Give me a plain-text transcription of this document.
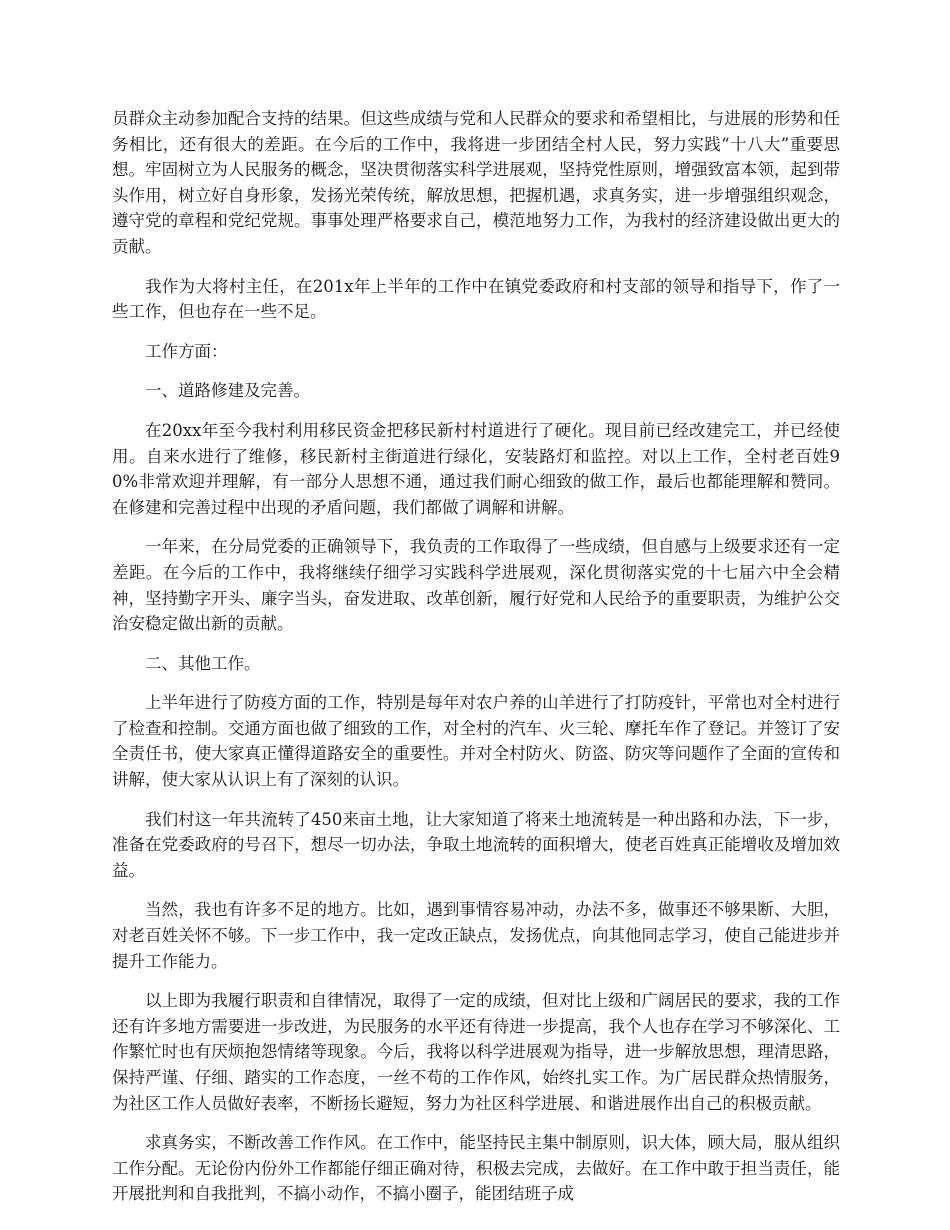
员群众主动参加配合支持的结果。但这些成绩与党和人民群众的要求和希望相比，与进展的形势和任务相比，还有很大的差距。在今后的工作中，我将进一步团结全村人民，努力实践“十八大”重要思想。牢固树立为人民服务的概念，坚决贯彻落实科学进展观，坚持党性原则，增强致富本领，起到带头作用，树立好自身形象，发扬光荣传统，解放思想，把握机遇，求真务实，进一步增强组织观念，遵守党的章程和党纪党规。事事处理严格要求自己，模范地努力工作，为我村的经济建设做出更大的贡献。

我作为大将村主任，在201x年上半年的工作中在镇党委政府和村支部的领导和指导下，作了一些工作，但也存在一些不足。

工作方面：

一、道路修建及完善。

在20xx年至今我村利用移民资金把移民新村村道进行了硬化。现目前已经改建完工，并已经使用。自来水进行了维修，移民新村主街道进行绿化，安装路灯和监控。对以上工作，全村老百姓90%非常欢迎并理解，有一部分人思想不通，通过我们耐心细致的做工作，最后也都能理解和赞同。在修建和完善过程中出现的矛盾问题，我们都做了调解和讲解。

一年来，在分局党委的正确领导下，我负责的工作取得了一些成绩，但自感与上级要求还有一定差距。在今后的工作中，我将继续仔细学习实践科学进展观，深化贯彻落实党的十七届六中全会精神，坚持勤字开头、廉字当头，奋发进取、改革创新，履行好党和人民给予的重要职责，为维护公交治安稳定做出新的贡献。

二、其他工作。

上半年进行了防疫方面的工作，特别是每年对农户养的山羊进行了打防疫针，平常也对全村进行了检查和控制。交通方面也做了细致的工作，对全村的汽车、火三轮、摩托车作了登记。并签订了安全责任书，使大家真正懂得道路安全的重要性。并对全村防火、防盗、防灾等问题作了全面的宣传和讲解，使大家从认识上有了深刻的认识。

我们村这一年共流转了450来亩土地，让大家知道了将来土地流转是一种出路和办法，下一步，准备在党委政府的号召下，想尽一切办法，争取土地流转的面积增大，使老百姓真正能增收及增加效益。

当然，我也有许多不足的地方。比如，遇到事情容易冲动，办法不多，做事还不够果断、大胆，对老百姓关怀不够。下一步工作中，我一定改正缺点，发扬优点，向其他同志学习，使自己能进步并提升工作能力。

以上即为我履行职责和自律情况，取得了一定的成绩，但对比上级和广阔居民的要求，我的工作还有许多地方需要进一步改进，为民服务的水平还有待进一步提高，我个人也存在学习不够深化、工作繁忙时也有厌烦抱怨情绪等现象。今后，我将以科学进展观为指导，进一步解放思想，理清思路，保持严谨、仔细、踏实的工作态度，一丝不苟的工作作风，始终扎实工作。为广居民群众热情服务，为社区工作人员做好表率，不断扬长避短，努力为社区科学进展、和谐进展作出自己的积极贡献。

求真务实，不断改善工作作风。在工作中，能坚持民主集中制原则，识大体，顾大局，服从组织工作分配。无论份内份外工作都能仔细正确对待，积极去完成，去做好。在工作中敢于担当责任，能开展批判和自我批判，不搞小动作，不搞小圈子，能团结班子成
